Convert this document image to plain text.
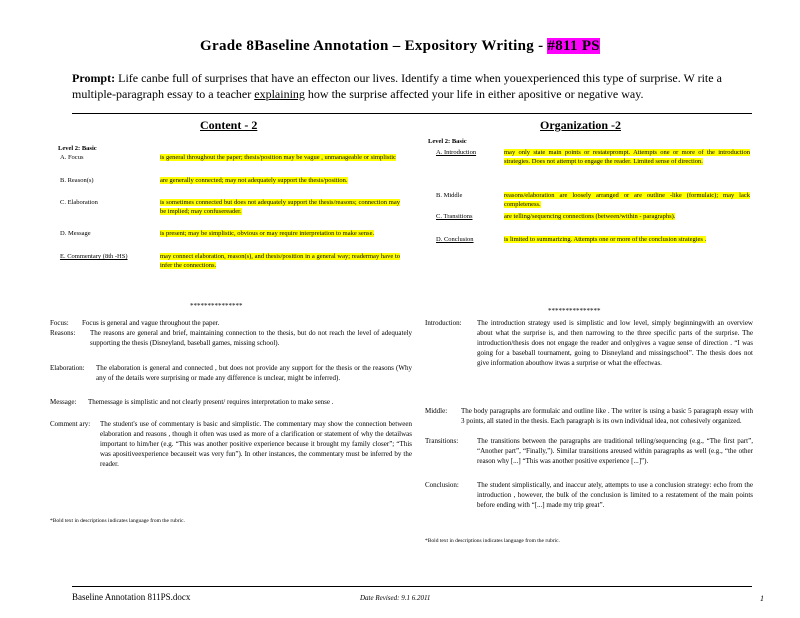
Grade 8Baseline Annotation – Expository Writing - #811 PS
Prompt: Life canbe full of surprises that have an effecton our lives. Identify a time when youexperienced this type of surprise. W rite a multiple-paragraph essay to a teacher explaining how the surprise affected your life in either apositive or negative way.
Content - 2	Organization -2
Level 2: Basic
A. Focus	is general throughout the paper; thesis/position may be vague , unmanageable or simplistic
B. Reason(s)	are generally connected; may not adequately support the thesis/position.
C. Elaboration	is sometimes connected but does not adequately support the thesis/reasons; connection may be implied; may confusereader.
D. Message	is present; may be simplistic, obvious or may require interpretation to make sense.
E. Commentary (8th -HS)	may connect elaboration, reason(s), and thesis/position in a general way; readermay have to infer the connections.
Level 2: Basic
A. Introduction	may only state main points or restateprompt. Attempts one or more of the introduction strategies. Does not attempt to engage the reader. Limited sense of direction.
B. Middle	reasons/elaboration are loosely arranged or are outline -like (formulaic); may lack completeness.
C. Transitions	are telling/sequencing connections (between/within - paragraphs).
D. Conclusion	is limited to summarizing. Attempts one or more of the conclusion strategies .
***************
***************
Focus: Focus is general and vague throughout the paper.
Reasons: The reasons are general and brief, maintaining connection to the thesis, but do not reach the level of adequately supporting the thesis (Disneyland, baseball games, missing school).
Elaboration: The elaboration is general and connected , but does not provide any support for the thesis or the reasons (Why any of the details were surprising or made any difference is unclear, might be inferred).
Message: Themessage is simplistic and not clearly present/ requires interpretation to make sense .
Comment ary: The student's use of commentary is basic and simplistic. The commentary may show the connection between elaboration and reasons , though it often was used as more of a clarification or statement of why the detailwas important to him/her (e.g. “This was another positive experience because it brought my family closer”; “This was apositiveexperience becauseit was very fun”). In other instances, the commentary must be inferred by the reader.
*Bold text in descriptions indicates language from the rubric.
Introduction: The introduction strategy used is simplistic and low level, simply beginningwith an overview about what the surprise is, and then narrowing to the three specific parts of the surprise. The introduction/thesis does not engage the reader and onlygives a vague sense of direction . “I was going for a baseball tournament, going to Disneyland and missingschool”. The thesis does not give information abouthow itwas a surprise or what the effectwas.
Middle: The body paragraphs are formulaic and outline like . The writer is using a basic 5 paragraph essay with 3 points, all stated in the thesis. Each paragraph is its own individual idea, not cohesively organized.
Transitions:	The transitions between the paragraphs are traditional telling/sequencing (e.g., “The first part”, “Another part”, “Finally,”). Similar transitions areused within paragraphs as well (e.g., “the other reason why [...] “This was another positive experience [...]”).
Conclusion:	The student simplistically, and inaccur ately, attempts to use a conclusion strategy: echo from the introduction , however, the bulk of the conclusion is limited to a restatement of the main points before ending with “[...] made my trip great”.
*Bold text in descriptions indicates language from the rubric.
Baseline Annotation 811PS.docx	Date Revised: 9.1 6.2011	1
